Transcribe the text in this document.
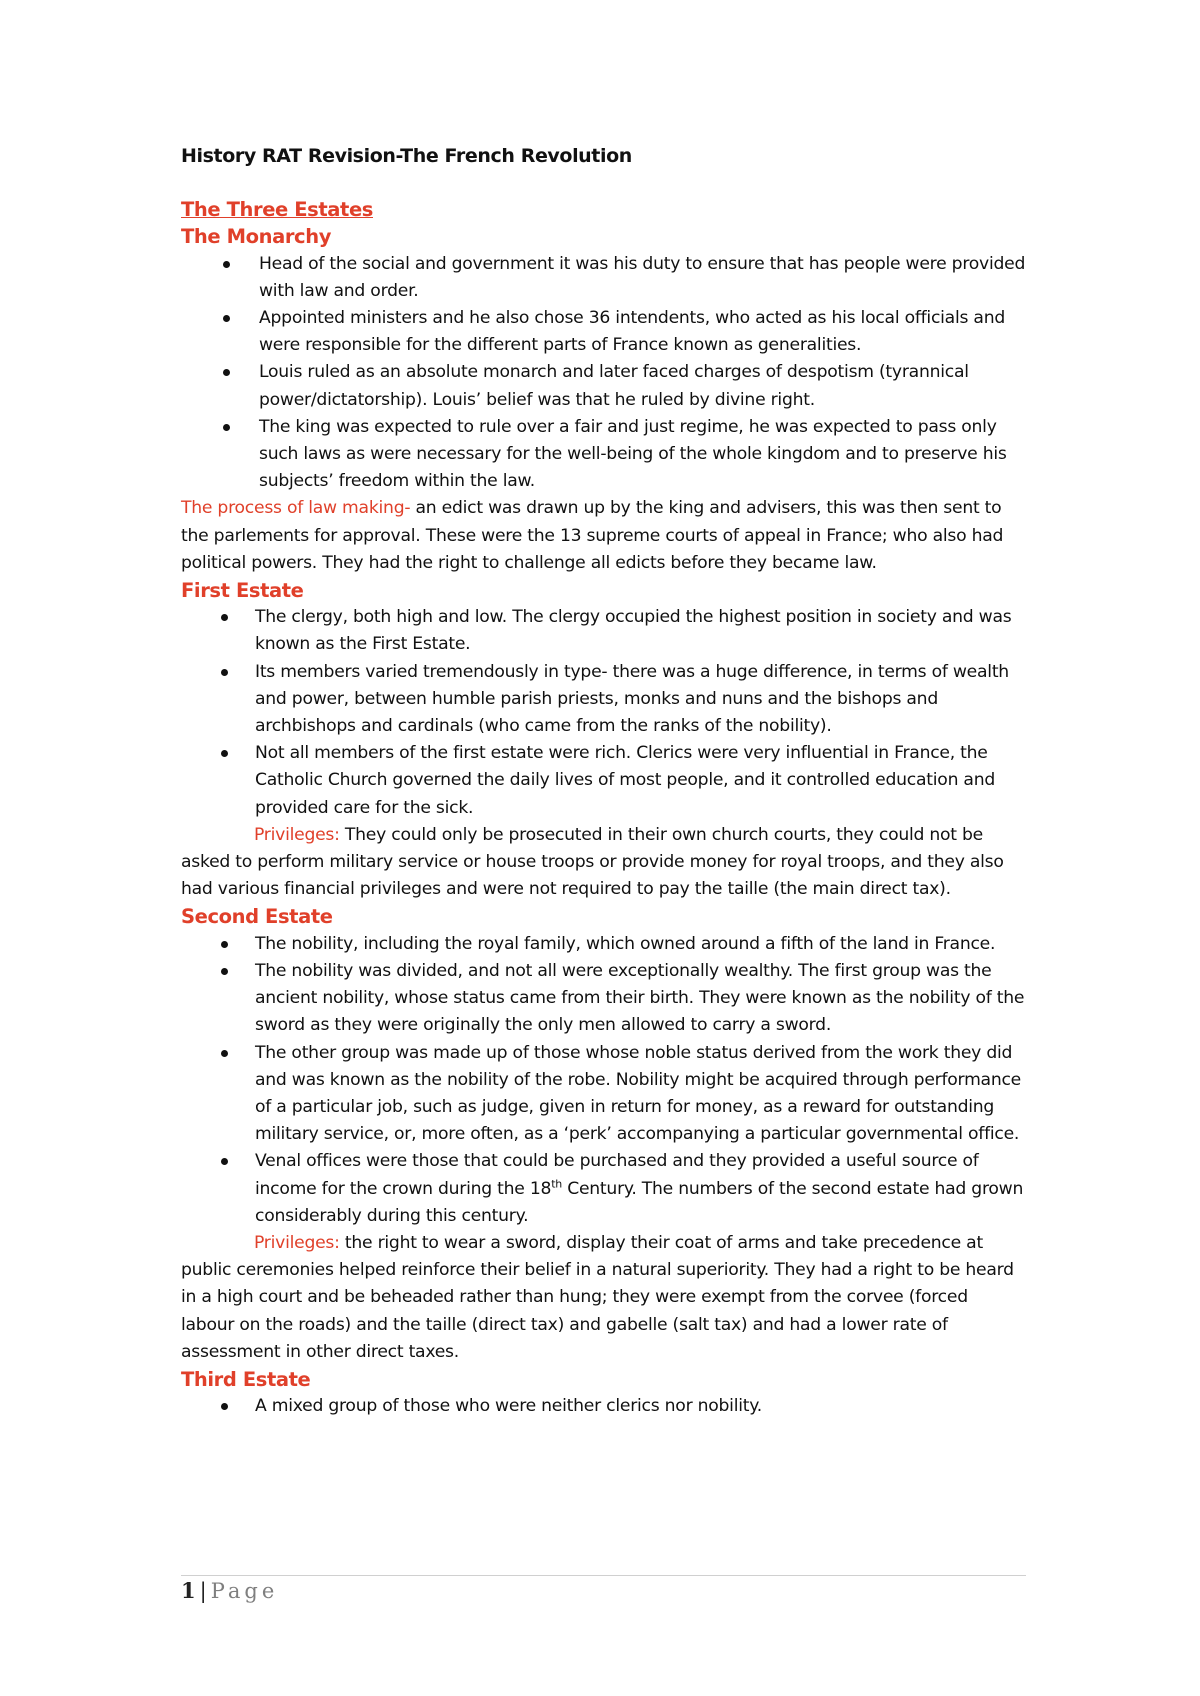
History RAT Revision-The French Revolution

The Three Estates

The Monarchy

Head of the social and government it was his duty to ensure that has people were provided with law and order.
Appointed ministers and he also chose 36 intendents, who acted as his local officials and were responsible for the different parts of France known as generalities.
Louis ruled as an absolute monarch and later faced charges of despotism (tyrannical power/dictatorship). Louis’ belief was that he ruled by divine right.
The king was expected to rule over a fair and just regime, he was expected to pass only such laws as were necessary for the well-being of the whole kingdom and to preserve his subjects’ freedom within the law.

The process of law making- an edict was drawn up by the king and advisers, this was then sent to the parlements for approval. These were the 13 supreme courts of appeal in France; who also had political powers. They had the right to challenge all edicts before they became law.

First Estate

The clergy, both high and low. The clergy occupied the highest position in society and was known as the First Estate.
Its members varied tremendously in type- there was a huge difference, in terms of wealth and power, between humble parish priests, monks and nuns and the bishops and archbishops and cardinals (who came from the ranks of the nobility).
Not all members of the first estate were rich. Clerics were very influential in France, the Catholic Church governed the daily lives of most people, and it controlled education and provided care for the sick.

Privileges: They could only be prosecuted in their own church courts, they could not be asked to perform military service or house troops or provide money for royal troops, and they also had various financial privileges and were not required to pay the taille (the main direct tax).

Second Estate

The nobility, including the royal family, which owned around a fifth of the land in France.
The nobility was divided, and not all were exceptionally wealthy. The first group was the ancient nobility, whose status came from their birth. They were known as the nobility of the sword as they were originally the only men allowed to carry a sword.
The other group was made up of those whose noble status derived from the work they did and was known as the nobility of the robe. Nobility might be acquired through performance of a particular job, such as judge, given in return for money, as a reward for outstanding military service, or, more often, as a ‘perk’ accompanying a particular governmental office.
Venal offices were those that could be purchased and they provided a useful source of income for the crown during the 18th Century. The numbers of the second estate had grown considerably during this century.

Privileges: the right to wear a sword, display their coat of arms and take precedence at public ceremonies helped reinforce their belief in a natural superiority. They had a right to be heard in a high court and be beheaded rather than hung; they were exempt from the corvee (forced labour on the roads) and the taille (direct tax) and gabelle (salt tax) and had a lower rate of assessment in other direct taxes.

Third Estate

A mixed group of those who were neither clerics nor nobility.
1 | Page
